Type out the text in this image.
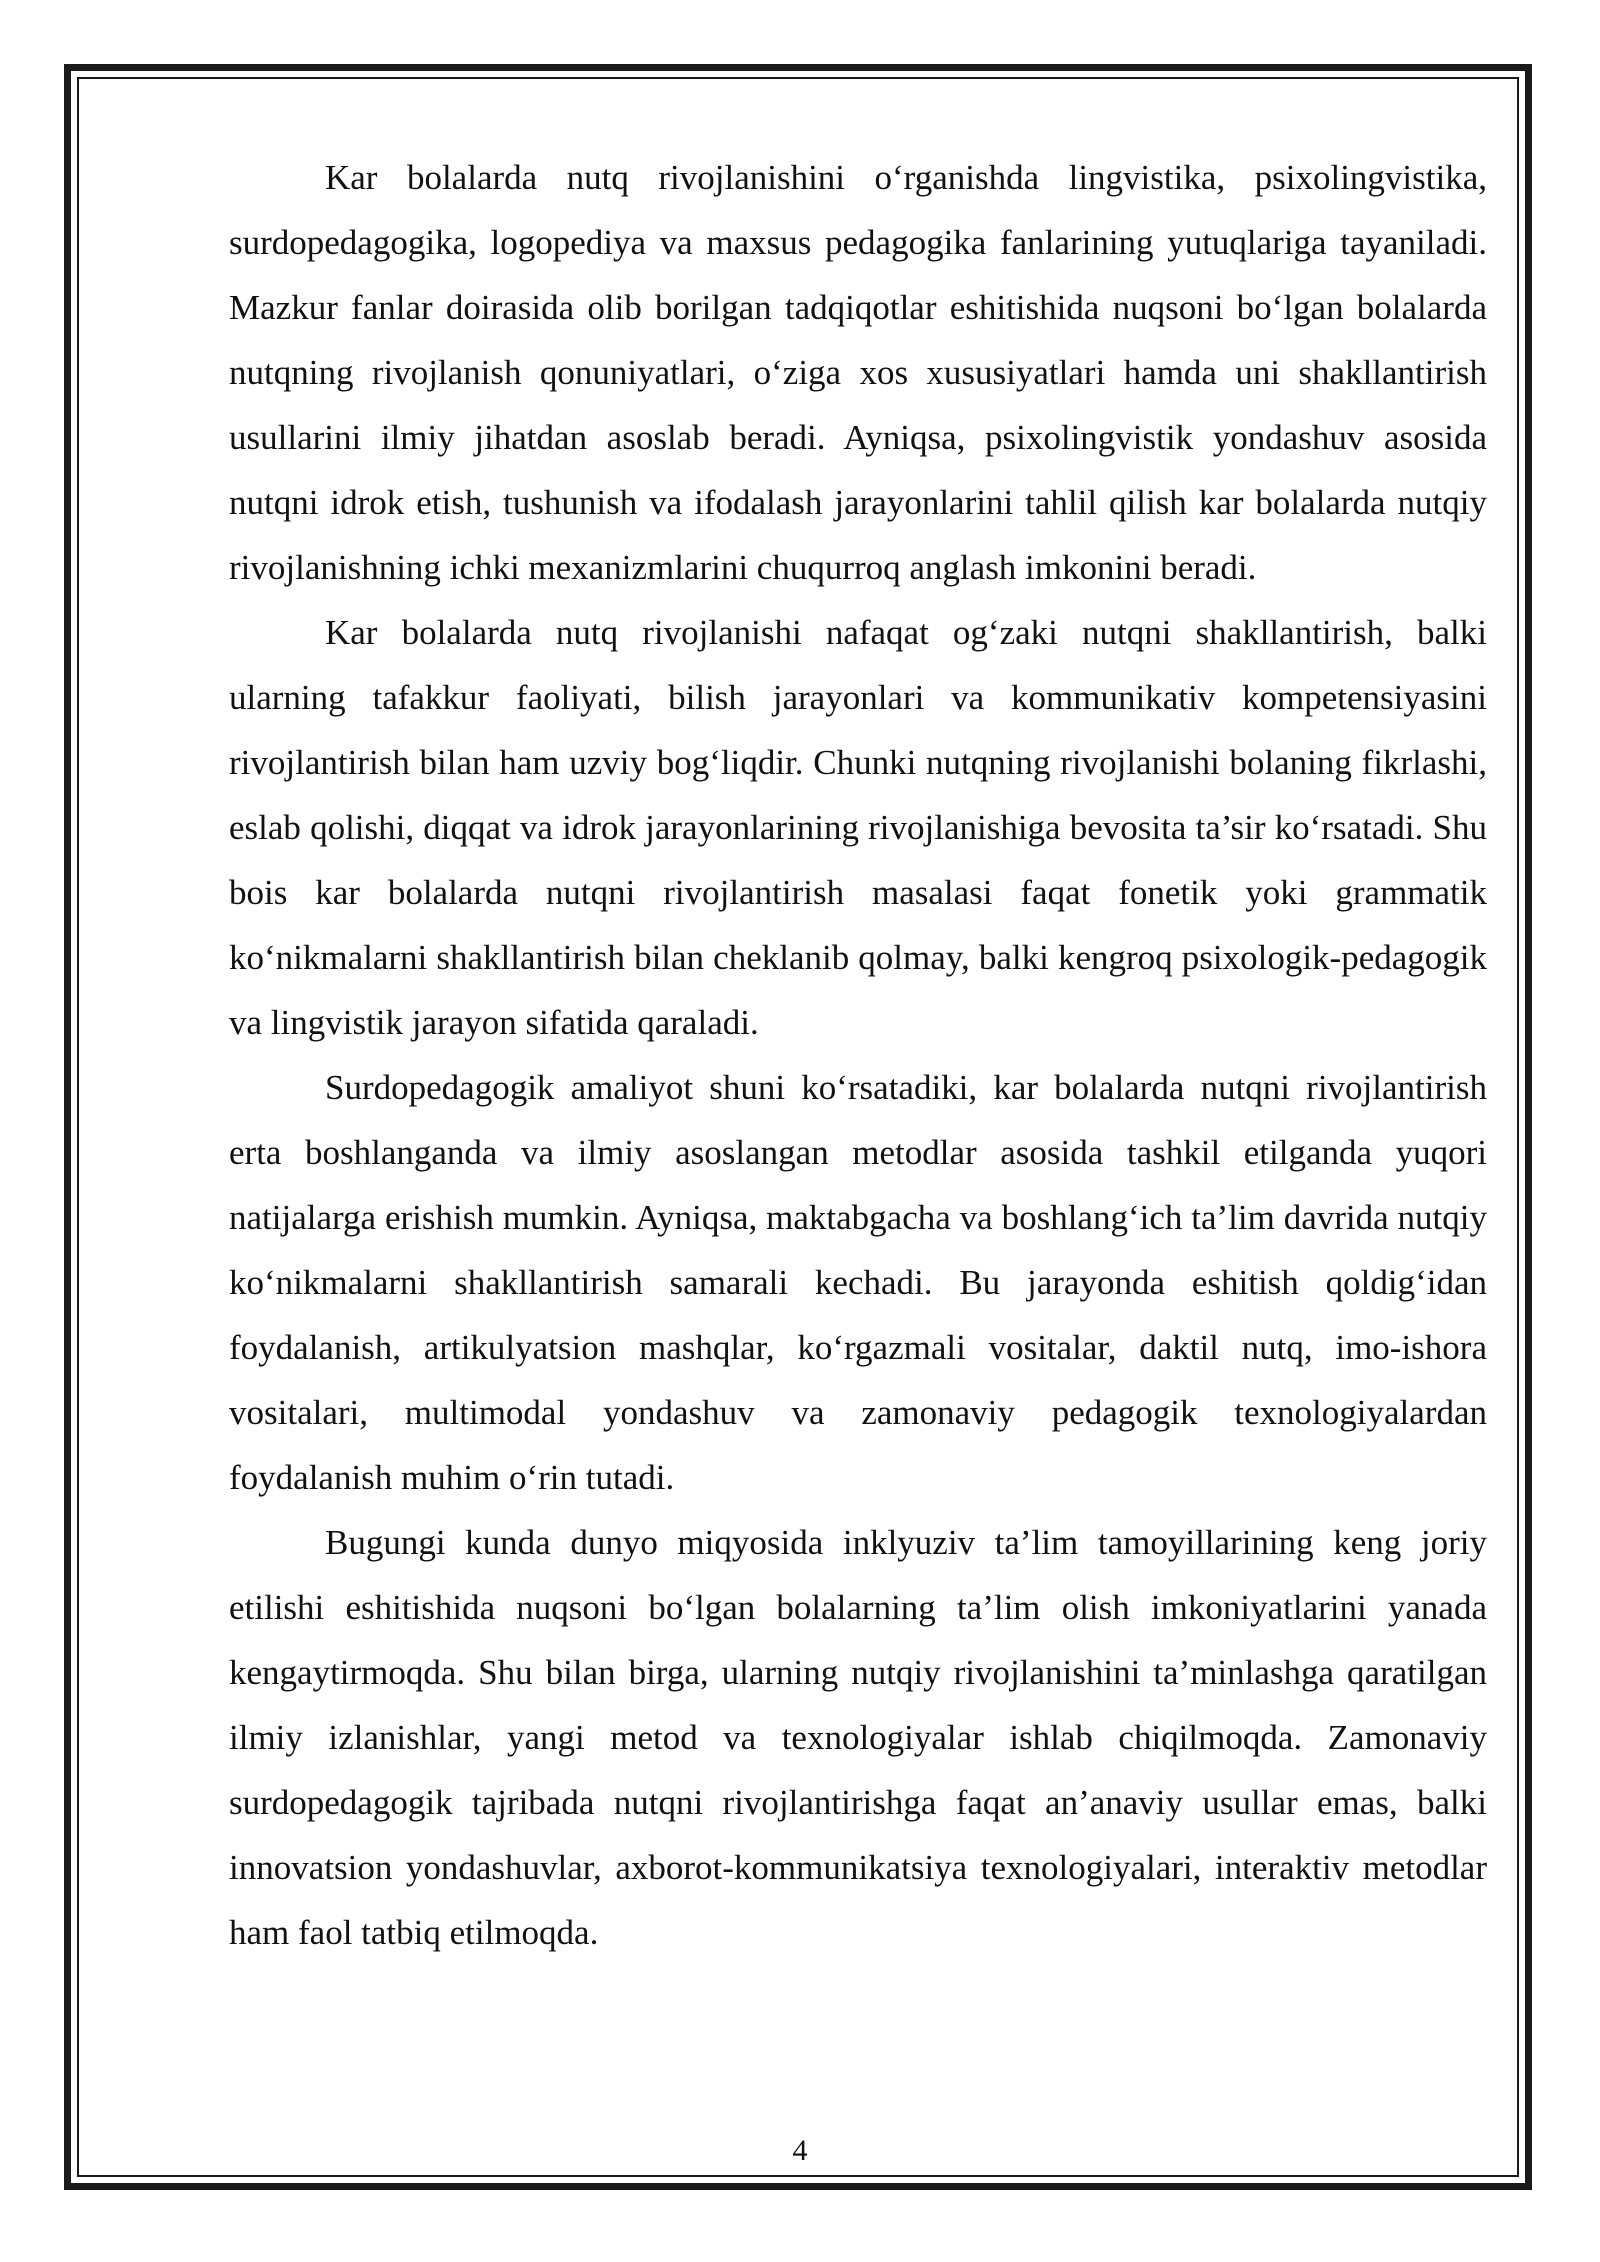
Kar bolalarda nutq rivojlanishini o‘rganishda lingvistika, psixolingvistika, surdopedagogika, logopediya va maxsus pedagogika fanlarining yutuqlariga tayaniladi. Mazkur fanlar doirasida olib borilgan tadqiqotlar eshitishida nuqsoni bo‘lgan bolalarda nutqning rivojlanish qonuniyatlari, o‘ziga xos xususiyatlari hamda uni shakllantirish usullarini ilmiy jihatdan asoslab beradi. Ayniqsa, psixolingvistik yondashuv asosida nutqni idrok etish, tushunish va ifodalash jarayonlarini tahlil qilish kar bolalarda nutqiy rivojlanishning ichki mexanizmlarini chuqurroq anglash imkonini beradi.

Kar bolalarda nutq rivojlanishi nafaqat og‘zaki nutqni shakllantirish, balki ularning tafakkur faoliyati, bilish jarayonlari va kommunikativ kompetensiyasini rivojlantirish bilan ham uzviy bog‘liqdir. Chunki nutqning rivojlanishi bolaning fikrlashi, eslab qolishi, diqqat va idrok jarayonlarining rivojlanishiga bevosita ta’sir ko‘rsatadi. Shu bois kar bolalarda nutqni rivojlantirish masalasi faqat fonetik yoki grammatik ko‘nikmalarni shakllantirish bilan cheklanib qolmay, balki kengroq psixologik-pedagogik va lingvistik jarayon sifatida qaraladi.

Surdopedagogik amaliyot shuni ko‘rsatadiki, kar bolalarda nutqni rivojlantirish erta boshlanganda va ilmiy asoslangan metodlar asosida tashkil etilganda yuqori natijalarga erishish mumkin. Ayniqsa, maktabgacha va boshlang‘ich ta’lim davrida nutqiy ko‘nikmalarni shakllantirish samarali kechadi. Bu jarayonda eshitish qoldig‘idan foydalanish, artikulyatsion mashqlar, ko‘rgazmali vositalar, daktil nutq, imo-ishora vositalari, multimodal yondashuv va zamonaviy pedagogik texnologiyalardan foydalanish muhim o‘rin tutadi.

Bugungi kunda dunyo miqyosida inklyuziv ta’lim tamoyillarining keng joriy etilishi eshitishida nuqsoni bo‘lgan bolalarning ta’lim olish imkoniyatlarini yanada kengaytirmoqda. Shu bilan birga, ularning nutqiy rivojlanishini ta’minlashga qaratilgan ilmiy izlanishlar, yangi metod va texnologiyalar ishlab chiqilmoqda. Zamonaviy surdopedagogik tajribada nutqni rivojlantirishga faqat an’anaviy usullar emas, balki innovatsion yondashuvlar, axborot-kommunikatsiya texnologiyalari, interaktiv metodlar ham faol tatbiq etilmoqda.

4
